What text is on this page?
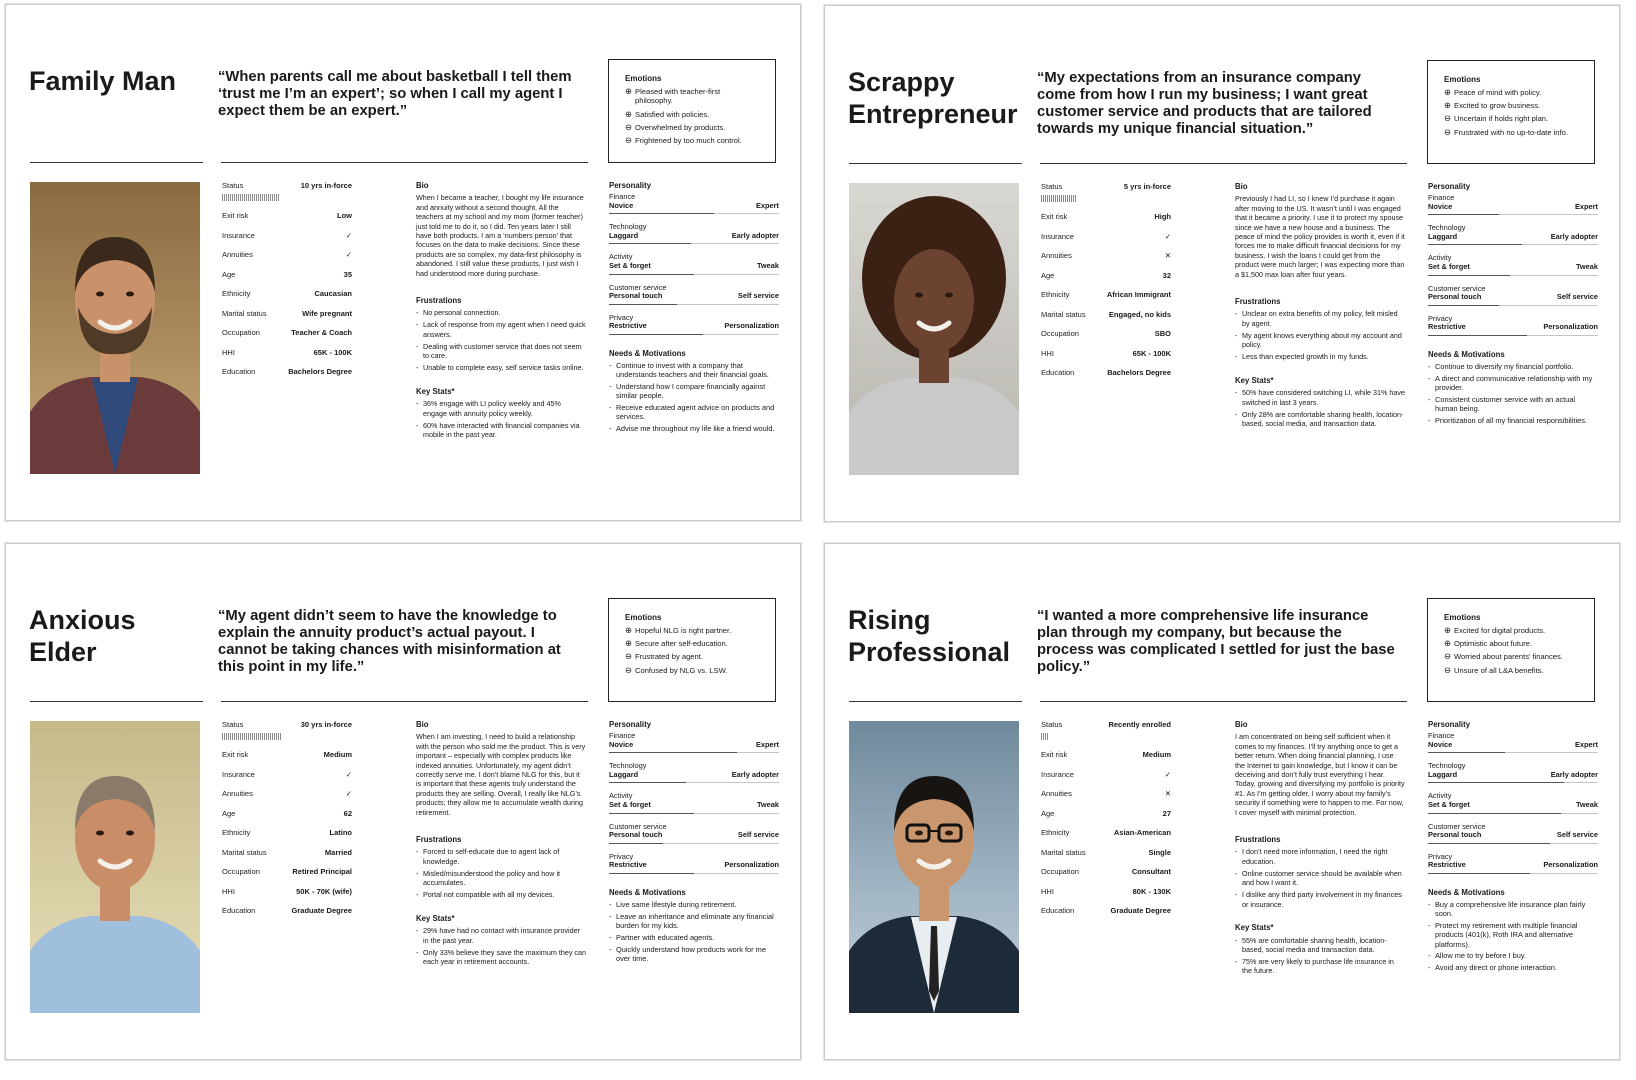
Family Man	“When parents call me about basketball I tell them ‘trust me I’m an expert’; so when I call my agent I expect them be an expert.”
Emotions
⊕ Pleased with teacher-first philosophy.
⊕ Satisfied with policies.
⊖ Overwhelmed by products.
⊖ Frightened by too much control.
Status	10 yrs in-force
Exit risk	Low
Insurance	✓
Annuities	✓
Age	35
Ethnicity	Caucasian
Marital status	Wife pregnant
Occupation	Teacher & Coach
HHI	65K - 100K
Education	Bachelors Degree
Bio

When I became a teacher, I bought my life insurance and annuity without a second thought. All the teachers at my school and my mom (former teacher) just told me to do it, so I did. Ten years later I still have both products. I am a ‘numbers person’ that focuses on the data to make decisions. Since these products are so complex, my data-first philosophy is abandoned. I still value these products, I just wish I had understood more during purchase.

Frustrations
- No personal connection.
- Lack of response from my agent when I need quick answers.
- Dealing with customer service that does not seem to care.
- Unable to complete easy, self service tasks online.
Key Stats*
- 36% engage with LI policy weekly and 45% engage with annuity policy weekly.
- 60% have interacted with financial companies via mobile in the past year.
Personality
Finance
Novice	Expert
Technology
Laggard	Early adopter
Activity
Set & forget	Tweak
Customer service
Personal touch	Self service
Privacy
Restrictive	Personalization
Needs & Motivations
- Continue to invest with a company that understands teachers and their financial goals.
- Understand how I compare financially against similar people.
- Receive educated agent advice on products and services.
- Advise me throughout my life like a friend would.
Scrappy Entrepreneur
“My expectations from an insurance company come from how I run my business; I want great customer service and products that are tailored towards my unique financial situation.”
Emotions
⊕ Peace of mind with policy.
⊕ Excited to grow business.
⊖ Uncertain if holds right plan.
⊖ Frustrated with no up-to-date info.
Status	5 yrs in-force
Exit risk	High
Insurance	✓
Annuities	✕
Age	32
Ethnicity	African Immigrant
Marital status	Engaged, no kids
Occupation	SBO
HHI	65K - 100K
Education	Bachelors Degree
Bio

Previously I had LI, so I knew I’d purchase it again after moving to the US. It wasn’t until I was engaged that it became a priority. I use it to protect my spouse since we have a new house and a business. The peace of mind the policy provides is worth it, even if it forces me to make difficult financial decisions for my business. I wish the loans I could get from the product were much larger; I was expecting more than a $1,500 max loan after four years.

Frustrations
- Unclear on extra benefits of my policy, felt misled by agent.
- My agent knows everything about my account and policy.
- Less than expected growth in my funds.
Key Stats*
- 50% have considered switching LI, while 31% have switched in last 3 years.
- Only 28% are comfortable sharing health, location-based, social media, and transaction data.
Personality
Finance
Novice	Expert
Technology
Laggard	Early adopter
Activity
Set & forget	Tweak
Customer service
Personal touch	Self service
Privacy
Restrictive	Personalization
Needs & Motivations
- Continue to diversify my financial portfolio.
- A direct and communicative relationship with my provider.
- Consistent customer service with an actual human being.
- Prioritization of all my financial responsibilities.
Anxious Elder
“My agent didn’t seem to have the knowledge to explain the annuity product’s actual payout. I cannot be taking chances with misinformation at this point in my life.”
Emotions
⊕ Hopeful NLG is right partner.
⊕ Secure after self-education.
⊖ Frustrated by agent.
⊖ Confused by NLG vs. LSW.
Status	30 yrs in-force
Exit risk	Medium
Insurance	✓
Annuities	✓
Age	62
Ethnicity	Latino
Marital status	Married
Occupation	Retired Principal
HHI	50K - 70K (wife)
Education	Graduate Degree
Bio

When I am investing, I need to build a relationship with the person who sold me the product. This is very important – especially with complex products like indexed annuities. Unfortunately, my agent didn’t correctly serve me. I don’t blame NLG for this, but it is important that these agents truly understand the products they are selling. Overall, I really like NLG’s products; they allow me to accumulate wealth during retirement.

Frustrations
- Forced to self-educate due to agent lack of knowledge.
- Misled/misunderstood the policy and how it accumulates.
- Portal not compatible with all my devices.
Key Stats*
- 29% have had no contact with insurance provider in the past year.
- Only 33% believe they save the maximum they can each year in retirement accounts.
Personality
Finance
Novice	Expert
Technology
Laggard	Early adopter
Activity
Set & forget	Tweak
Customer service
Personal touch	Self service
Privacy
Restrictive	Personalization
Needs & Motivations
- Live same lifestyle during retirement.
- Leave an inheritance and eliminate any financial burden for my kids.
- Partner with educated agents.
- Quickly understand how products work for me over time.
Rising Professional
“I wanted a more comprehensive life insurance plan through my company, but because the process was complicated I settled for just the base policy.”
Emotions
⊕ Excited for digital products.
⊕ Optimistic about future.
⊖ Worried about parents’ finances.
⊖ Unsure of all L&A benefits.
Status	Recently enrolled
Exit risk	Medium
Insurance	✓
Annuities	✕
Age	27
Ethnicity	Asian-American
Marital status	Single
Occupation	Consultant
HHI	80K - 130K
Education	Graduate Degree
Bio

I am concentrated on being self sufficient when it comes to my finances. I’ll try anything once to get a better return. When doing financial planning, I use the Internet to gain knowledge, but I know it can be deceiving and don’t fully trust everything I hear. Today, growing and diversifying my portfolio is priority #1. As I’m getting older, I worry about my family’s security if something were to happen to me. For now, I cover myself with minimal protection.

Frustrations
- I don’t need more information, I need the right education.
- Online customer service should be available when and how I want it.
- I dislike any third party involvement in my finances or insurance.
Key Stats*
- 55% are comfortable sharing health, location-based, social media and transaction data.
- 75% are very likely to purchase life insurance in the future.
Personality
Finance
Novice	Expert
Technology
Laggard	Early adopter
Activity
Set & forget	Tweak
Customer service
Personal touch	Self service
Privacy
Restrictive	Personalization
Needs & Motivations
- Buy a comprehensive life insurance plan fairly soon.
- Protect my retirement with multiple financial products (401(k), Roth IRA and alternative platforms).
- Allow me to try before I buy.
- Avoid any direct or phone interaction.
